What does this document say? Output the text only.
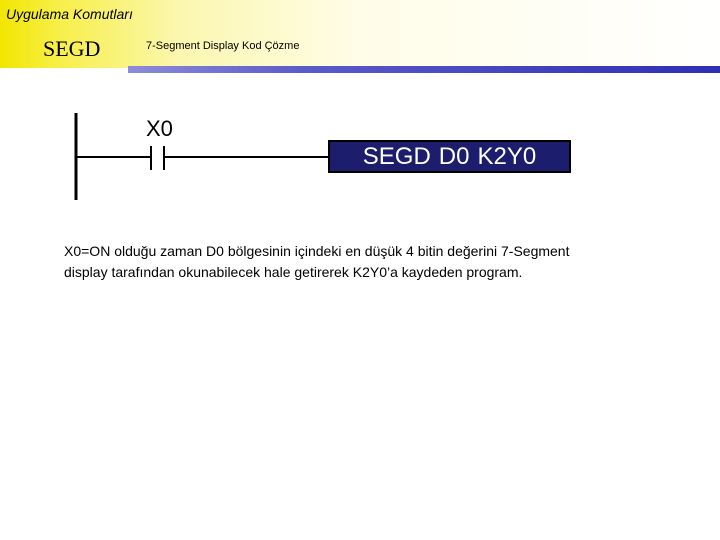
Uygulama Komutları
SEGD	7-Segment Display Kod Çözme
X0
SEGD D0 K2Y0
X0=ON olduğu zaman D0 bölgesinin içindeki en düşük 4 bitin değerini 7-Segment
display tarafından okunabilecek hale getirerek K2Y0’a kaydeden program.
